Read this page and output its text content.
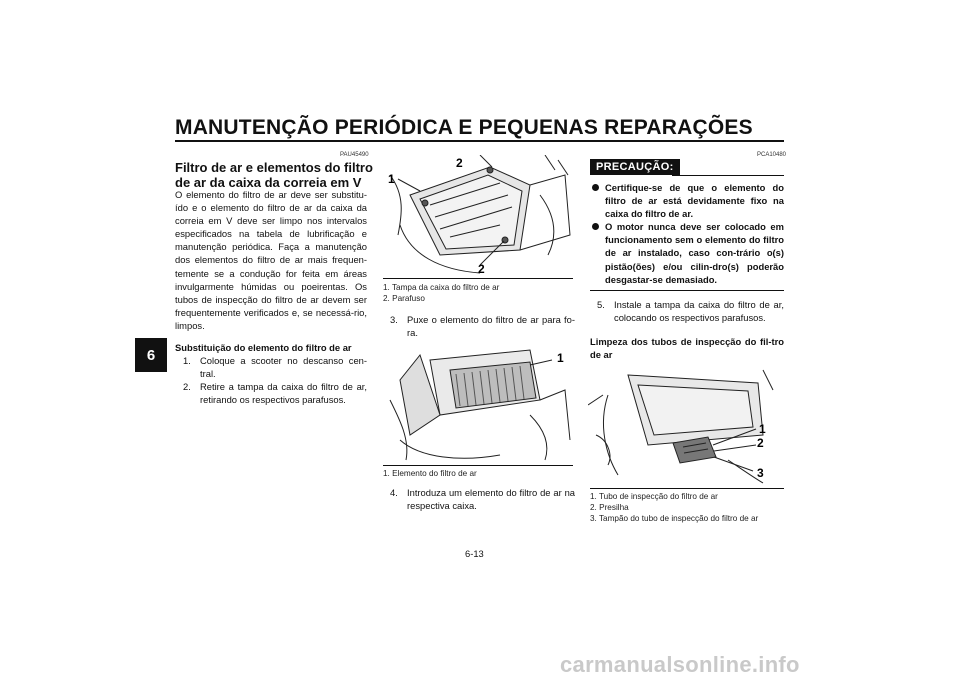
MANUTENÇÃO PERIÓDICA E PEQUENAS REPARAÇÕES
6
PAU45490
Filtro de ar e elementos do filtro
de ar da caixa da correia em V
O elemento do filtro de ar deve ser substitu-ído e o elemento do filtro de ar da caixa da correia em V deve ser limpo nos intervalos especificados na tabela de lubrificação e manutenção periódica. Faça a manutenção dos elementos do filtro de ar mais frequen-temente se a condução for feita em áreas invulgarmente húmidas ou poeirentas. Os tubos de inspecção do filtro de ar devem ser frequentemente verificados e, se necessá-rio, limpos.
Substituição do elemento do filtro de ar
1. Coloque a scooter no descanso cen-tral.
2. Retire a tampa da caixa do filtro de ar, retirando os respectivos parafusos.
1
2
2
1. Tampa da caixa do filtro de ar
2. Parafuso
3. Puxe o elemento do filtro de ar para fo-ra.
1
1. Elemento do filtro de ar
4. Introduza um elemento do filtro de ar na respectiva caixa.
PCA10480
PRECAUÇÃO:
Certifique-se de que o elemento do filtro de ar está devidamente fixo na caixa do filtro de ar.
O motor nunca deve ser colocado em funcionamento sem o elemento do filtro de ar instalado, caso con-trário o(s) pistão(ões) e/ou cilin-dro(s) poderão desgastar-se demasiado.
5. Instale a tampa da caixa do filtro de ar, colocando os respectivos parafusos.
Limpeza dos tubos de inspecção do fil-tro de ar
1
2
3
1. Tubo de inspecção do filtro de ar
2. Presilha
3. Tampão do tubo de inspecção do filtro de ar
6-13
carmanualsonline.info
